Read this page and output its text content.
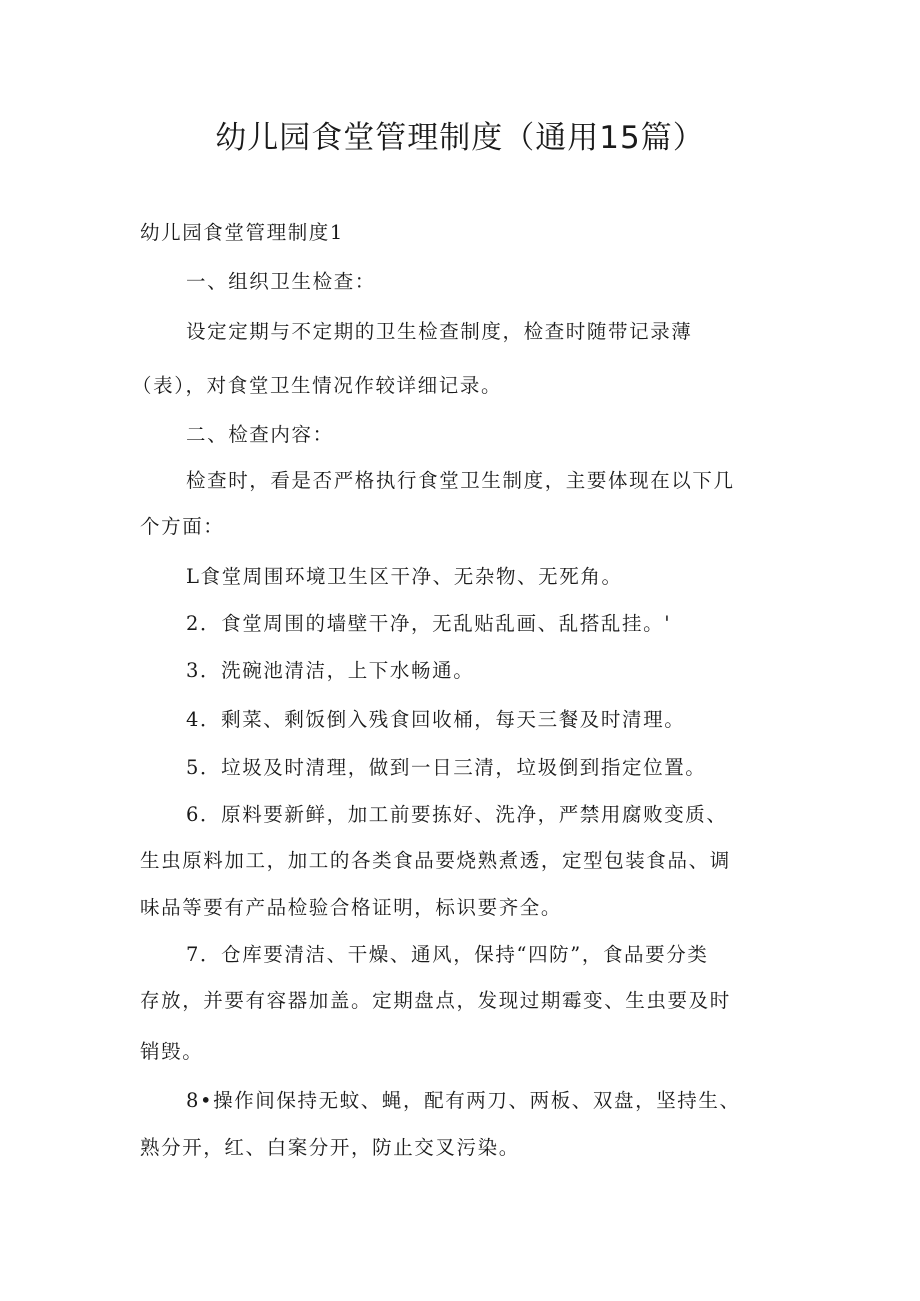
幼儿园食堂管理制度（通用15篇）
幼儿园食堂管理制度1
一、组织卫生检查：
设定定期与不定期的卫生检查制度，检查时随带记录薄
（表），对食堂卫生情况作较详细记录。
二、检查内容：
检查时，看是否严格执行食堂卫生制度，主要体现在以下几
个方面：
L食堂周围环境卫生区干净、无杂物、无死角。
2．食堂周围的墙壁干净，无乱贴乱画、乱搭乱挂。'
3．洗碗池清洁，上下水畅通。
4．剩菜、剩饭倒入残食回收桶，每天三餐及时清理。
5．垃圾及时清理，做到一日三清，垃圾倒到指定位置。
6．原料要新鲜，加工前要拣好、洗净，严禁用腐败变质、
生虫原料加工，加工的各类食品要烧熟煮透，定型包装食品、调
味品等要有产品检验合格证明，标识要齐全。
7．仓库要清洁、干燥、通风，保持“四防”，食品要分类
存放，并要有容器加盖。定期盘点，发现过期霉变、生虫要及时
销毁。
8•操作间保持无蚊、蝇，配有两刀、两板、双盘，坚持生、
熟分开，红、白案分开，防止交叉污染。
